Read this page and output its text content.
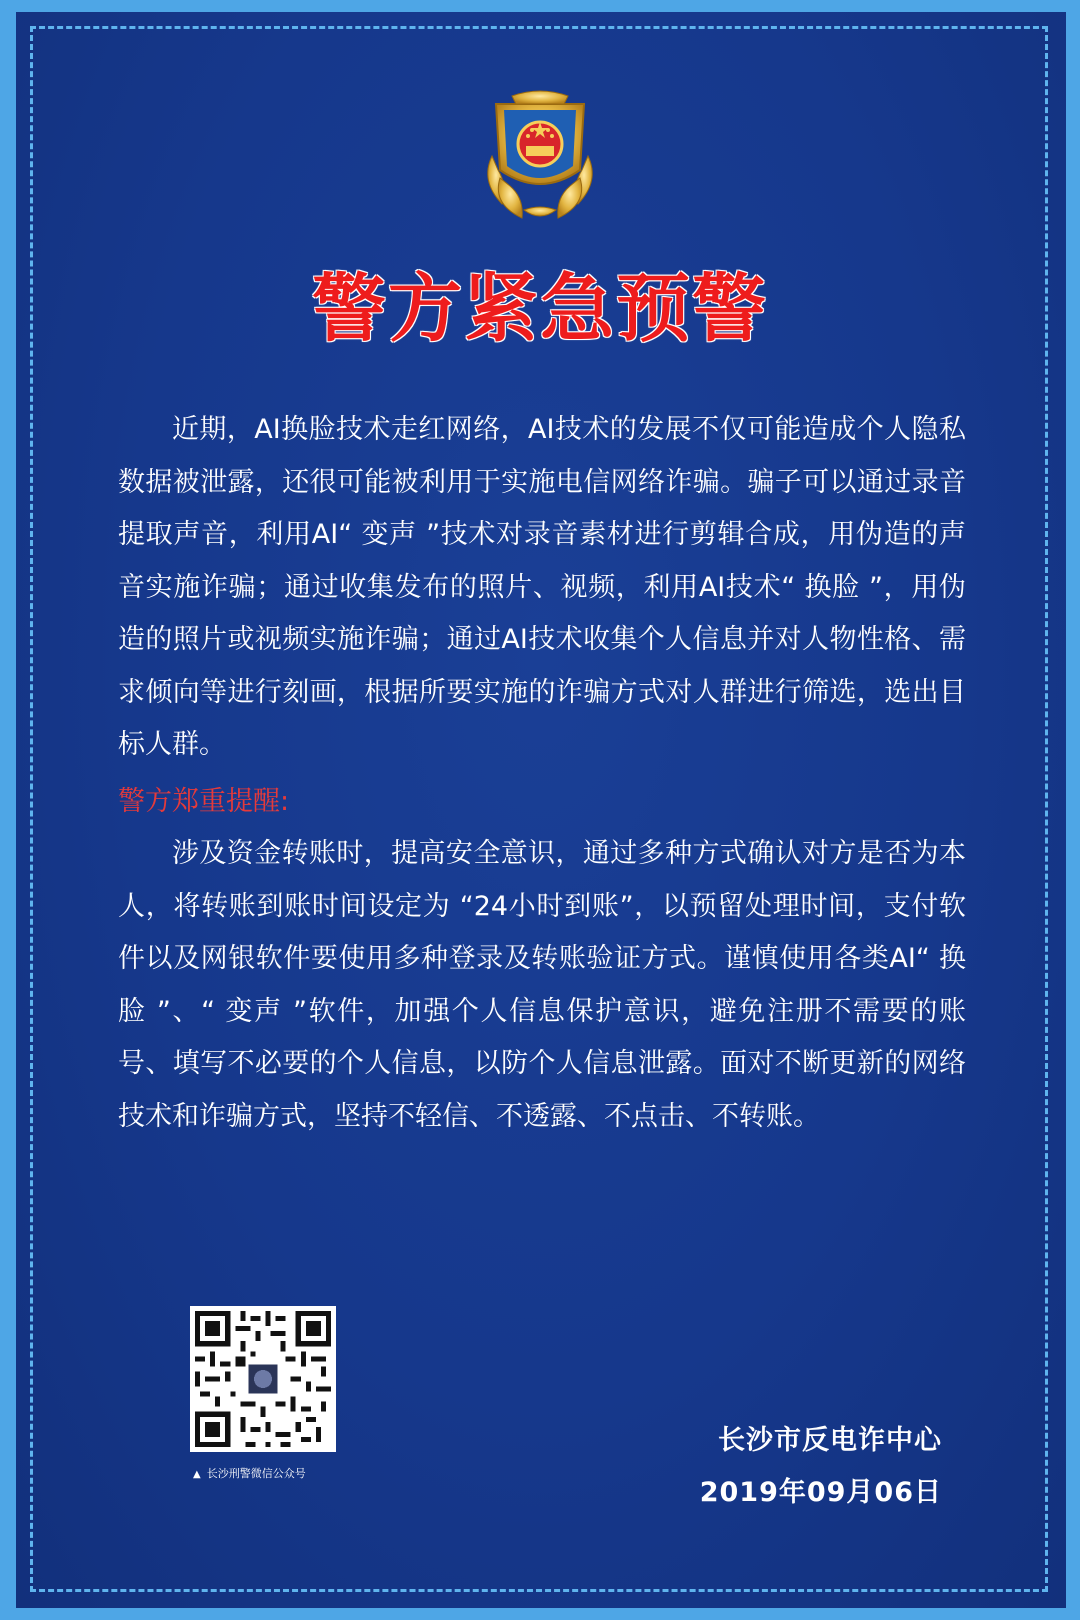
警方紧急预警
近期，AI换脸技术走红网络，AI技术的发展不仅可能造成个人隐私数据被泄露，还很可能被利用于实施电信网络诈骗。骗子可以通过录音提取声音，利用AI“ 变声 ”技术对录音素材进行剪辑合成，用伪造的声音实施诈骗；通过收集发布的照片、视频，利用AI技术“ 换脸 ”，用伪造的照片或视频实施诈骗；通过AI技术收集个人信息并对人物性格、需求倾向等进行刻画，根据所要实施的诈骗方式对人群进行筛选，选出目标人群。
警方郑重提醒:
涉及资金转账时，提高安全意识，通过多种方式确认对方是否为本人，将转账到账时间设定为 “24小时到账”，以预留处理时间，支付软件以及网银软件要使用多种登录及转账验证方式。谨慎使用各类AI“ 换脸 ”、“ 变声 ”软件，加强个人信息保护意识，避免注册不需要的账号、填写不必要的个人信息，以防个人信息泄露。面对不断更新的网络技术和诈骗方式，坚持不轻信、不透露、不点击、不转账。
▲ 长沙刑警微信公众号
长沙市反电诈中心
2019年09月06日
